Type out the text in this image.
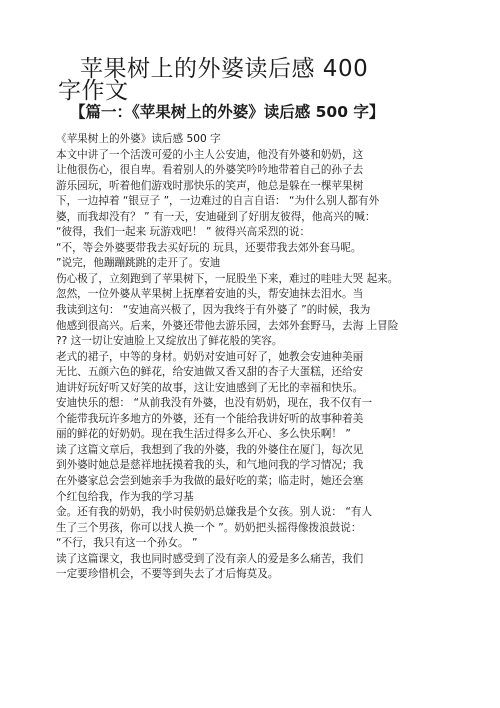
苹果树上的外婆读后感 400
字作文
【篇一：《苹果树上的外婆》读后感 500 字】
《苹果树上的外婆》读后感 500 字
本文中讲了一个活泼可爱的小主人公安迪，他没有外婆和奶奶，这
让他很伤心，很自卑。看着别人的外婆笑吟吟地带着自己的孙子去
游乐园玩，听着他们游戏时那快乐的笑声，他总是躲在一棵苹果树
下，一边掉着 “银豆子 ”，一边难过的自言自语： “为什么别人都有外
婆，而我却没有？ ” 有一天，安迪碰到了好朋友彼得，他高兴的喊：
“彼得，我们一起来 玩游戏吧！ ” 彼得兴高采烈的说：
“不，等会外婆要带我去买好玩的 玩具，还要带我去郊外套马呢。
”说完，他蹦蹦跳跳的走开了。安迪
伤心极了，立刻跑到了苹果树下，一屁股坐下来，难过的哇哇大哭 起来。
忽然，一位外婆从苹果树上抚摩着安迪的头，帮安迪抹去泪水。当
我读到这句： “安迪高兴极了，因为我终于有外婆了 ”的时候，我为
他感到很高兴。后来，外婆还带他去游乐园，去郊外套野马，去海 上冒险
?? 这一切让安迪脸上又绽放出了鲜花般的笑容。
老式的裙子，中等的身材。奶奶对安迪可好了，她教会安迪种美丽
无比、五颜六色的鲜花，给安迪做又香又甜的杏子大蛋糕，还给安
迪讲好玩好听又好笑的故事，这让安迪感到了无比的幸福和快乐。
安迪快乐的想： “从前我没有外婆，也没有奶奶，现在，我不仅有一
个能带我玩许多地方的外婆，还有一个能给我讲好听的故事种着美
丽的鲜花的好奶奶。现在我生活过得多么开心、多么快乐啊！ ”
读了这篇文章后，我想到了我的外婆，我的外婆住在厦门，每次见
到外婆时她总是慈祥地抚摸着我的头，和气地问我的学习情况；我
在外婆家总会尝到她亲手为我做的最好吃的菜；临走时，她还会塞
个红包给我，作为我的学习基
金。还有我的奶奶，我小时侯奶奶总嫌我是个女孩。别人说： “有人
生了三个男孩，你可以找人换一个 ”。奶奶把头摇得像拨浪鼓说：
“不行，我只有这一个孙女。 ”
读了这篇课文，我也同时感受到了没有亲人的爱是多么痛苦，我们
一定要珍惜机会，不要等到失去了才后悔莫及。
